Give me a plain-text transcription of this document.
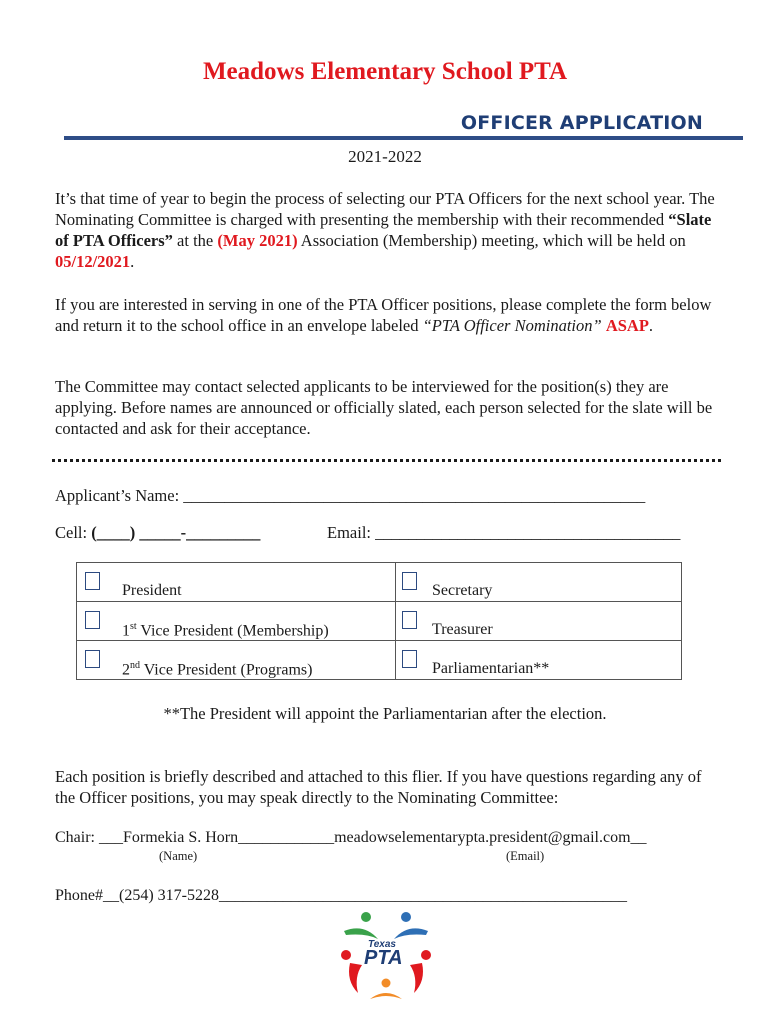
Meadows Elementary School PTA
OFFICER APPLICATION
2021-2022
It’s that time of year to begin the process of selecting our PTA Officers for the next school year. The Nominating Committee is charged with presenting the membership with their recommended “Slate of PTA Officers” at the (May 2021) Association (Membership) meeting, which will be held on 05/12/2021.
If you are interested in serving in one of the PTA Officer positions, please complete the form below and return it to the school office in an envelope labeled “PTA Officer Nomination” ASAP.
The Committee may contact selected applicants to be interviewed for the position(s) they are applying. Before names are announced or officially slated, each person selected for the slate will be contacted and ask for their acceptance.
Applicant’s Name: ________________________________________________________
Cell: (____) _____-_________	Email: _____________________________________
President	Secretary

1st Vice President (Membership)	Treasurer

2nd Vice President (Programs)	Parliamentarian**
**The President will appoint the Parliamentarian after the election.
Each position is briefly described and attached to this flier. If you have questions regarding any of the Officer positions, you may speak directly to the Nominating Committee:
Chair: ___Formekia S. Horn____________meadowselementarypta.president@gmail.com__
(Name)	(Email)
Phone#__(254) 317-5228___________________________________________________
Texas
PTA
